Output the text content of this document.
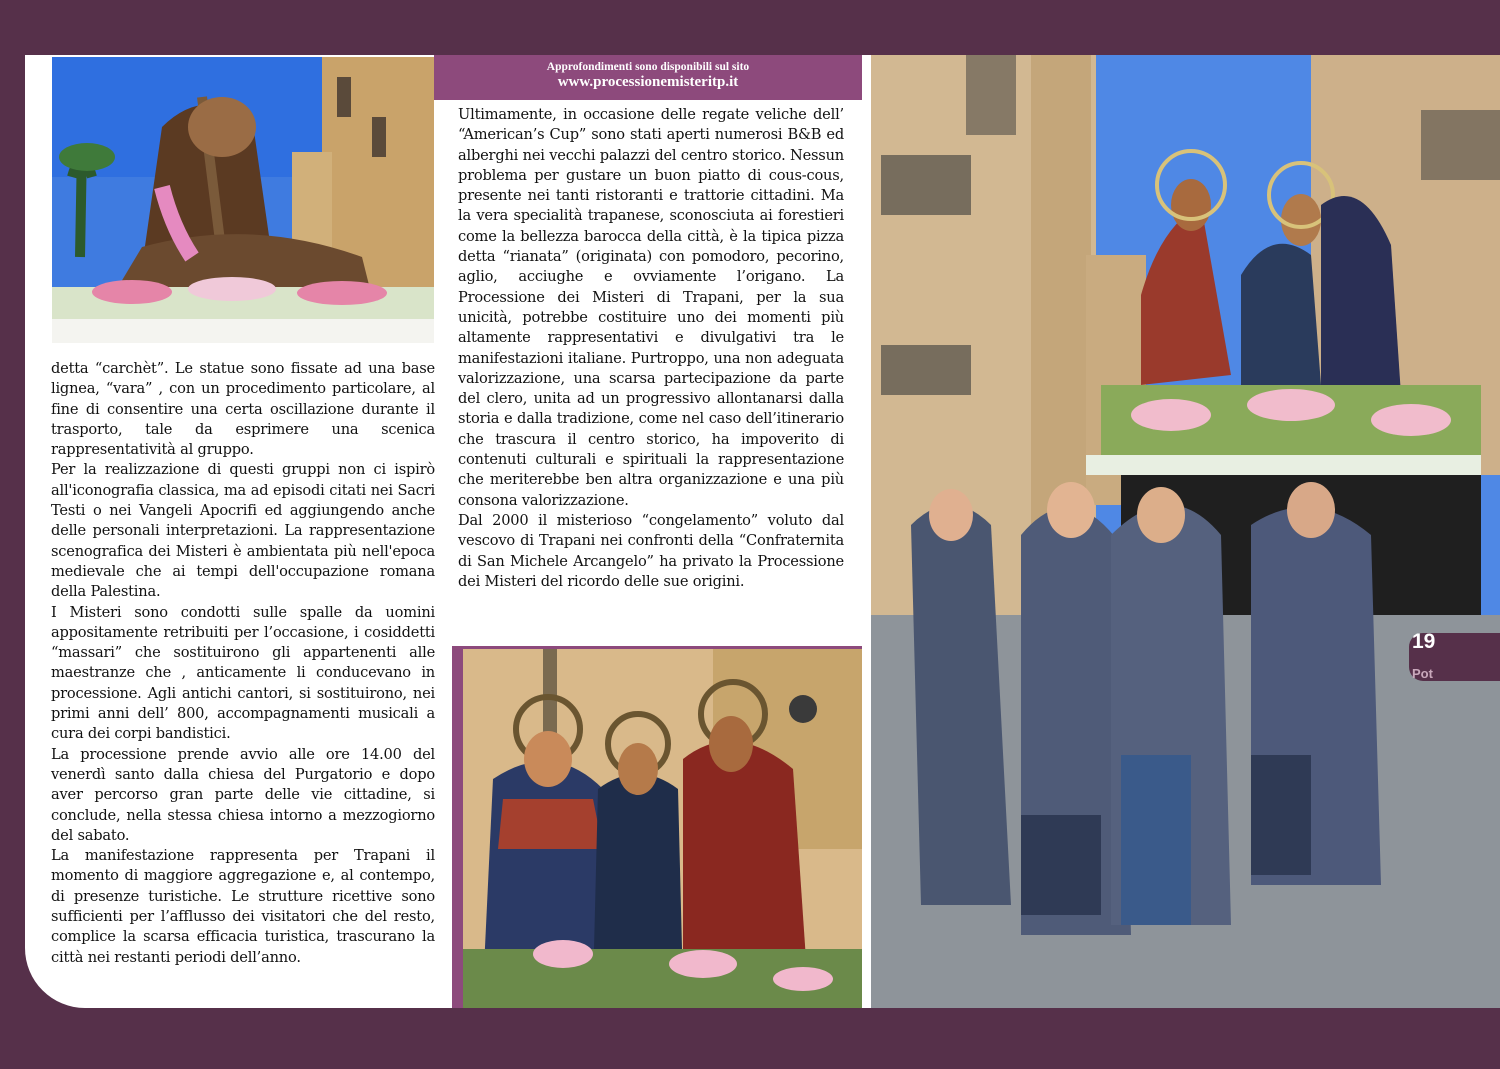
Approfondimenti sono disponibili sul sito
www.processionemisteritp.it

detta “carchèt”. Le statue sono fissate ad una base lignea, “vara” , con un procedimento particolare, al fine di consentire una certa oscillazione durante il trasporto, tale da esprimere una scenica rappresentatività al gruppo.

Per la realizzazione di questi gruppi non ci ispirò all'iconografia classica, ma ad episodi citati nei Sacri Testi o nei Vangeli Apocrifi ed aggiungendo anche delle personali interpretazioni. La rappresentazione scenografica dei Misteri è ambientata più nell'epoca medievale che ai tempi dell'occupazione romana della Palestina.

I Misteri sono condotti sulle spalle da uomini appositamente retribuiti per l’occasione, i cosiddetti “massari” che sostituirono gli appartenenti alle maestranze che , anticamente li conducevano in processione. Agli antichi cantori, si sostituirono, nei primi anni dell’ 800, accompagnamenti musicali a cura dei corpi bandistici.

La processione prende avvio alle ore 14.00 del venerdì santo dalla chiesa del Purgatorio e dopo aver percorso gran parte delle vie cittadine, si conclude, nella stessa chiesa intorno a mezzogiorno del sabato.

La manifestazione rappresenta per Trapani il momento di maggiore aggregazione e, al contempo, di presenze turistiche. Le strutture ricettive sono sufficienti per l’afflusso dei visitatori che del resto, complice la scarsa efficacia turistica, trascurano la città nei restanti periodi dell’anno.

Ultimamente, in occasione delle regate veliche dell’ “American’s Cup” sono stati aperti numerosi B&B ed alberghi nei vecchi palazzi del centro storico. Nessun problema per gustare un buon piatto di cous-cous, presente nei tanti ristoranti e trattorie cittadini. Ma la vera specialità trapanese, sconosciuta ai forestieri come la bellezza barocca della città, è la tipica pizza detta “rianata” (originata) con pomodoro, pecorino, aglio, acciughe e ovviamente l’origano. La Processione dei Misteri di Trapani, per la sua unicità, potrebbe costituire uno dei momenti più altamente rappresentativi e divulgativi tra le manifestazioni italiane. Purtroppo, una non adeguata valorizzazione, una scarsa partecipazione da parte del clero, unita ad un progressivo allontanarsi dalla storia e dalla tradizione, come nel caso dell’itinerario che trascura il centro storico, ha impoverito di contenuti culturali e spirituali la rappresentazione che meriterebbe ben altra organizzazione e una più consona valorizzazione.

Dal 2000 il misterioso “congelamento” voluto dal vescovo di Trapani nei confronti della “Confraternita di San Michele Arcangelo” ha privato la Processione dei Misteri del ricordo delle sue origini.

19
Pot
